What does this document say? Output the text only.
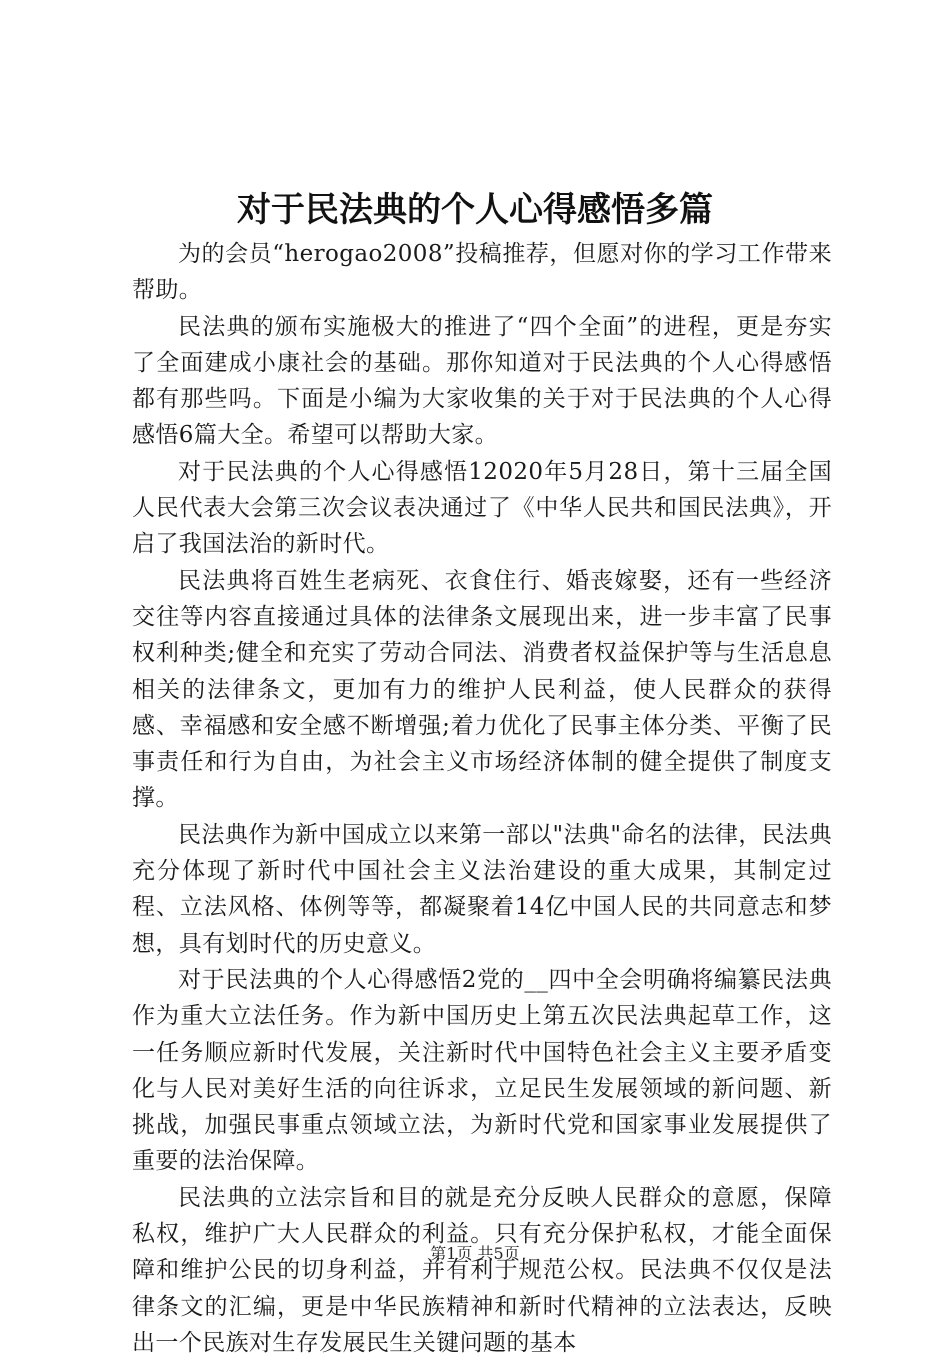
对于民法典的个人心得感悟多篇

为的会员“herogao2008”投稿推荐，但愿对你的学习工作带来帮助。

民法典的颁布实施极大的推进了“四个全面”的进程，更是夯实了全面建成小康社会的基础。那你知道对于民法典的个人心得感悟都有那些吗。下面是小编为大家收集的关于对于民法典的个人心得感悟6篇大全。希望可以帮助大家。

对于民法典的个人心得感悟12020年5月28日，第十三届全国人民代表大会第三次会议表决通过了《中华人民共和国民法典》，开启了我国法治的新时代。

民法典将百姓生老病死、衣食住行、婚丧嫁娶，还有一些经济交往等内容直接通过具体的法律条文展现出来，进一步丰富了民事权利种类;健全和充实了劳动合同法、消费者权益保护等与生活息息相关的法律条文，更加有力的维护人民利益，使人民群众的获得感、幸福感和安全感不断增强;着力优化了民事主体分类、平衡了民事责任和行为自由，为社会主义市场经济体制的健全提供了制度支撑。

民法典作为新中国成立以来第一部以"法典"命名的法律，民法典充分体现了新时代中国社会主义法治建设的重大成果，其制定过程、立法风格、体例等等，都凝聚着14亿中国人民的共同意志和梦想，具有划时代的历史意义。

对于民法典的个人心得感悟2党的__四中全会明确将编纂民法典作为重大立法任务。作为新中国历史上第五次民法典起草工作，这一任务顺应新时代发展，关注新时代中国特色社会主义主要矛盾变化与人民对美好生活的向往诉求，立足民生发展领域的新问题、新挑战，加强民事重点领域立法，为新时代党和国家事业发展提供了重要的法治保障。

民法典的立法宗旨和目的就是充分反映人民群众的意愿，保障私权，维护广大人民群众的利益。只有充分保护私权，才能全面保障和维护公民的切身利益，并有利于规范公权。民法典不仅仅是法律条文的汇编，更是中华民族精神和新时代精神的立法表达，反映出一个民族对生存发展民生关键问题的基本

第1页 共5页
